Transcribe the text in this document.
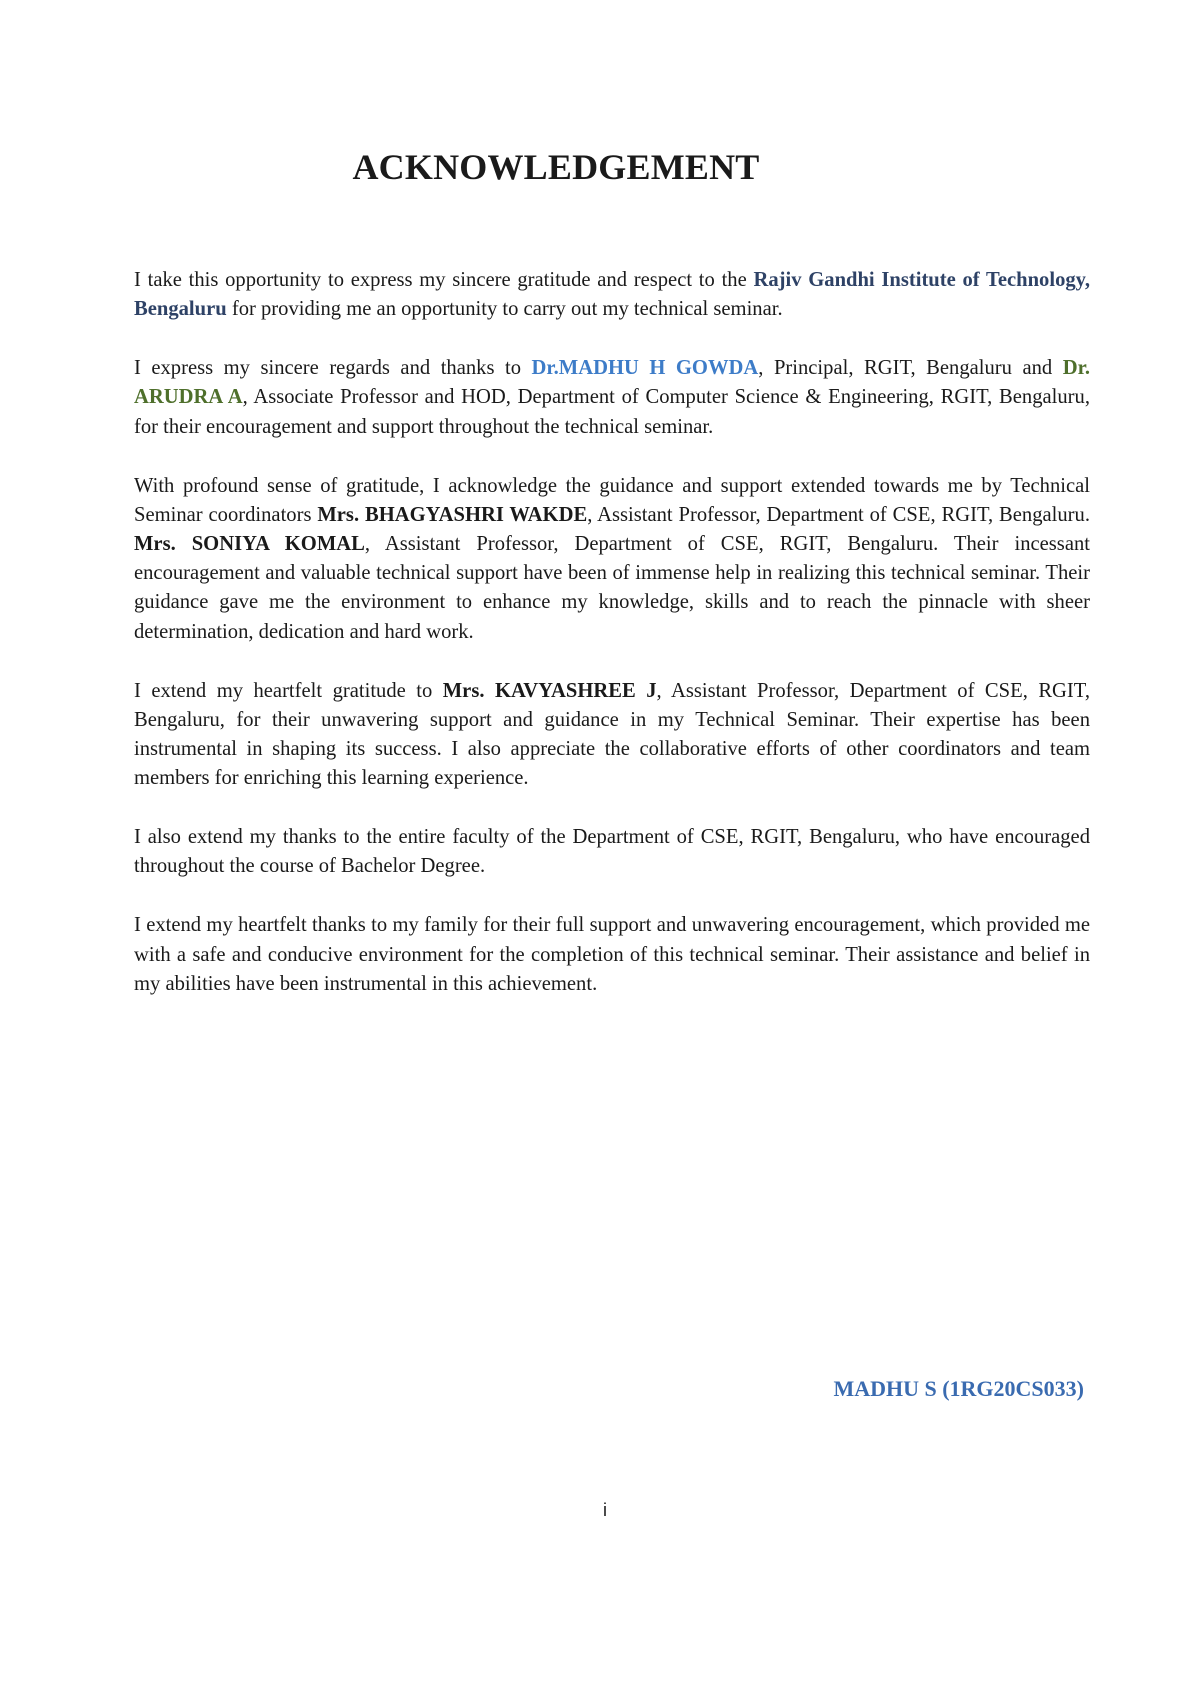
ACKNOWLEDGEMENT

I take this opportunity to express my sincere gratitude and respect to the Rajiv Gandhi Institute of Technology, Bengaluru for providing me an opportunity to carry out my technical seminar.

I express my sincere regards and thanks to Dr.MADHU H GOWDA, Principal, RGIT, Bengaluru and Dr. ARUDRA A, Associate Professor and HOD, Department of Computer Science & Engineering, RGIT, Bengaluru, for their encouragement and support throughout the technical seminar.

With profound sense of gratitude, I acknowledge the guidance and support extended towards me by Technical Seminar coordinators Mrs. BHAGYASHRI WAKDE, Assistant Professor, Department of CSE, RGIT, Bengaluru. Mrs. SONIYA KOMAL, Assistant Professor, Department of CSE, RGIT, Bengaluru. Their incessant encouragement and valuable technical support have been of immense help in realizing this technical seminar. Their guidance gave me the environment to enhance my knowledge, skills and to reach the pinnacle with sheer determination, dedication and hard work.

I extend my heartfelt gratitude to Mrs. KAVYASHREE J, Assistant Professor, Department of CSE, RGIT, Bengaluru, for their unwavering support and guidance in my Technical Seminar. Their expertise has been instrumental in shaping its success. I also appreciate the collaborative efforts of other coordinators and team members for enriching this learning experience.

I also extend my thanks to the entire faculty of the Department of CSE, RGIT, Bengaluru, who have encouraged throughout the course of Bachelor Degree.

I extend my heartfelt thanks to my family for their full support and unwavering encouragement, which provided me with a safe and conducive environment for the completion of this technical seminar. Their assistance and belief in my abilities have been instrumental in this achievement.

MADHU S (1RG20CS033)

i
